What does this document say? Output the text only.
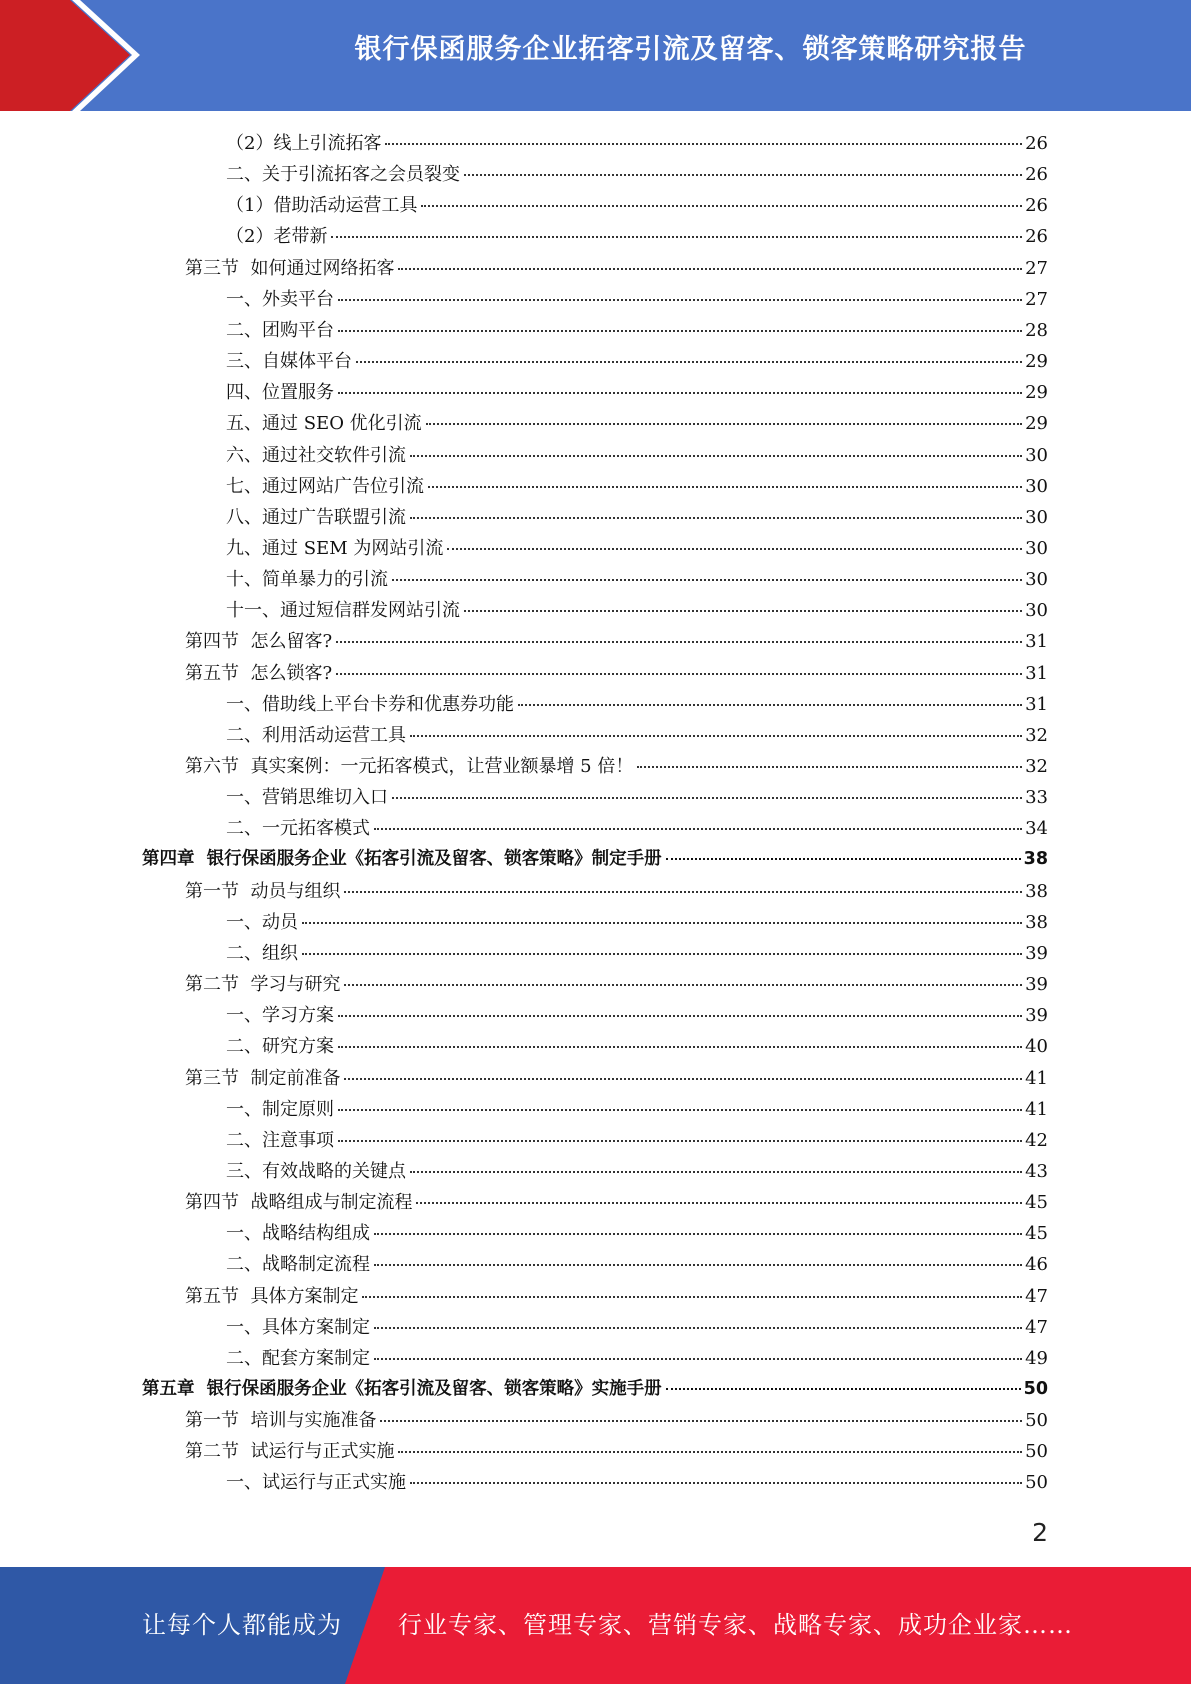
银行保函服务企业拓客引流及留客、锁客策略研究报告
（2）线上引流拓客	26
二、关于引流拓客之会员裂变	26
（1）借助活动运营工具	26
（2）老带新	26
第三节  如何通过网络拓客	27
一、外卖平台	27
二、团购平台	28
三、自媒体平台	29
四、位置服务	29
五、通过 SEO 优化引流	29
六、通过社交软件引流	30
七、通过网站广告位引流	30
八、通过广告联盟引流	30
九、通过 SEM 为网站引流	30
十、简单暴力的引流	30
十一、通过短信群发网站引流	30
第四节  怎么留客?	31
第五节  怎么锁客?	31
一、借助线上平台卡券和优惠券功能	31
二、利用活动运营工具	32
第六节  真实案例：一元拓客模式，让营业额暴增 5 倍！	32
一、营销思维切入口	33
二、一元拓客模式	34
第四章  银行保函服务企业《拓客引流及留客、锁客策略》制定手册	38
第一节  动员与组织	38
一、动员	38
二、组织	39
第二节  学习与研究	39
一、学习方案	39
二、研究方案	40
第三节  制定前准备	41
一、制定原则	41
二、注意事项	42
三、有效战略的关键点	43
第四节  战略组成与制定流程	45
一、战略结构组成	45
二、战略制定流程	46
第五节  具体方案制定	47
一、具体方案制定	47
二、配套方案制定	49
第五章  银行保函服务企业《拓客引流及留客、锁客策略》实施手册	50
第一节  培训与实施准备	50
第二节  试运行与正式实施	50
一、试运行与正式实施	50
2
让每个人都能成为 行业专家、管理专家、营销专家、战略专家、成功企业家……
